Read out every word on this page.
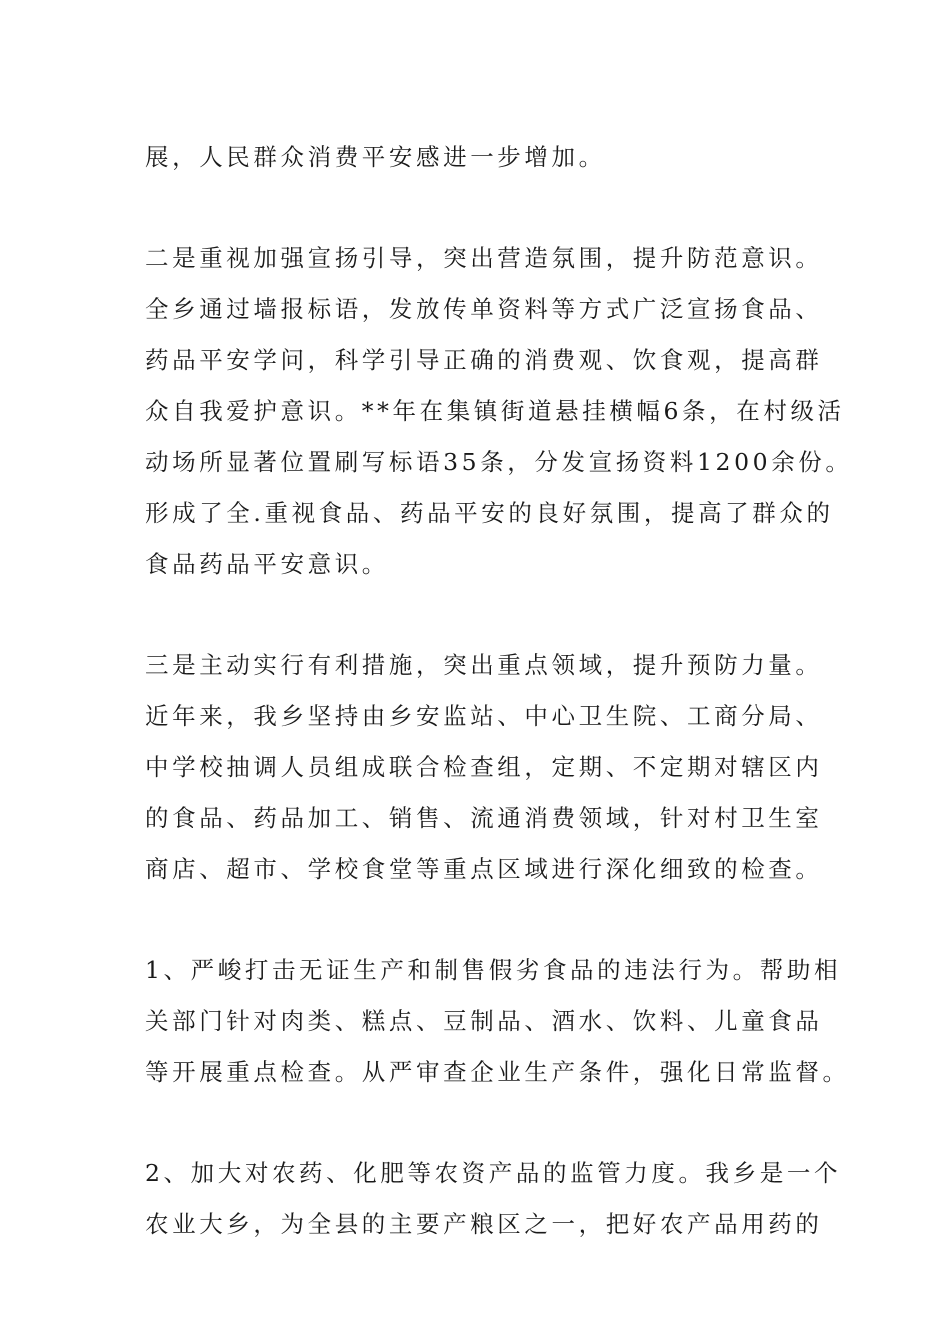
展，人民群众消费平安感进一步增加。
二是重视加强宣扬引导，突出营造氛围，提升防范意识。
全乡通过墙报标语，发放传单资料等方式广泛宣扬食品、
药品平安学问，科学引导正确的消费观、饮食观，提高群
众自我爱护意识。**年在集镇街道悬挂横幅6条，在村级活
动场所显著位置刷写标语35条，分发宣扬资料1200余份。
形成了全.重视食品、药品平安的良好氛围，提高了群众的
食品药品平安意识。
三是主动实行有利措施，突出重点领域，提升预防力量。
近年来，我乡坚持由乡安监站、中心卫生院、工商分局、
中学校抽调人员组成联合检查组，定期、不定期对辖区内
的食品、药品加工、销售、流通消费领域，针对村卫生室
商店、超市、学校食堂等重点区域进行深化细致的检查。
1、严峻打击无证生产和制售假劣食品的违法行为。帮助相
关部门针对肉类、糕点、豆制品、酒水、饮料、儿童食品
等开展重点检查。从严审查企业生产条件，强化日常监督。
2、加大对农药、化肥等农资产品的监管力度。我乡是一个
农业大乡，为全县的主要产粮区之一，把好农产品用药的
